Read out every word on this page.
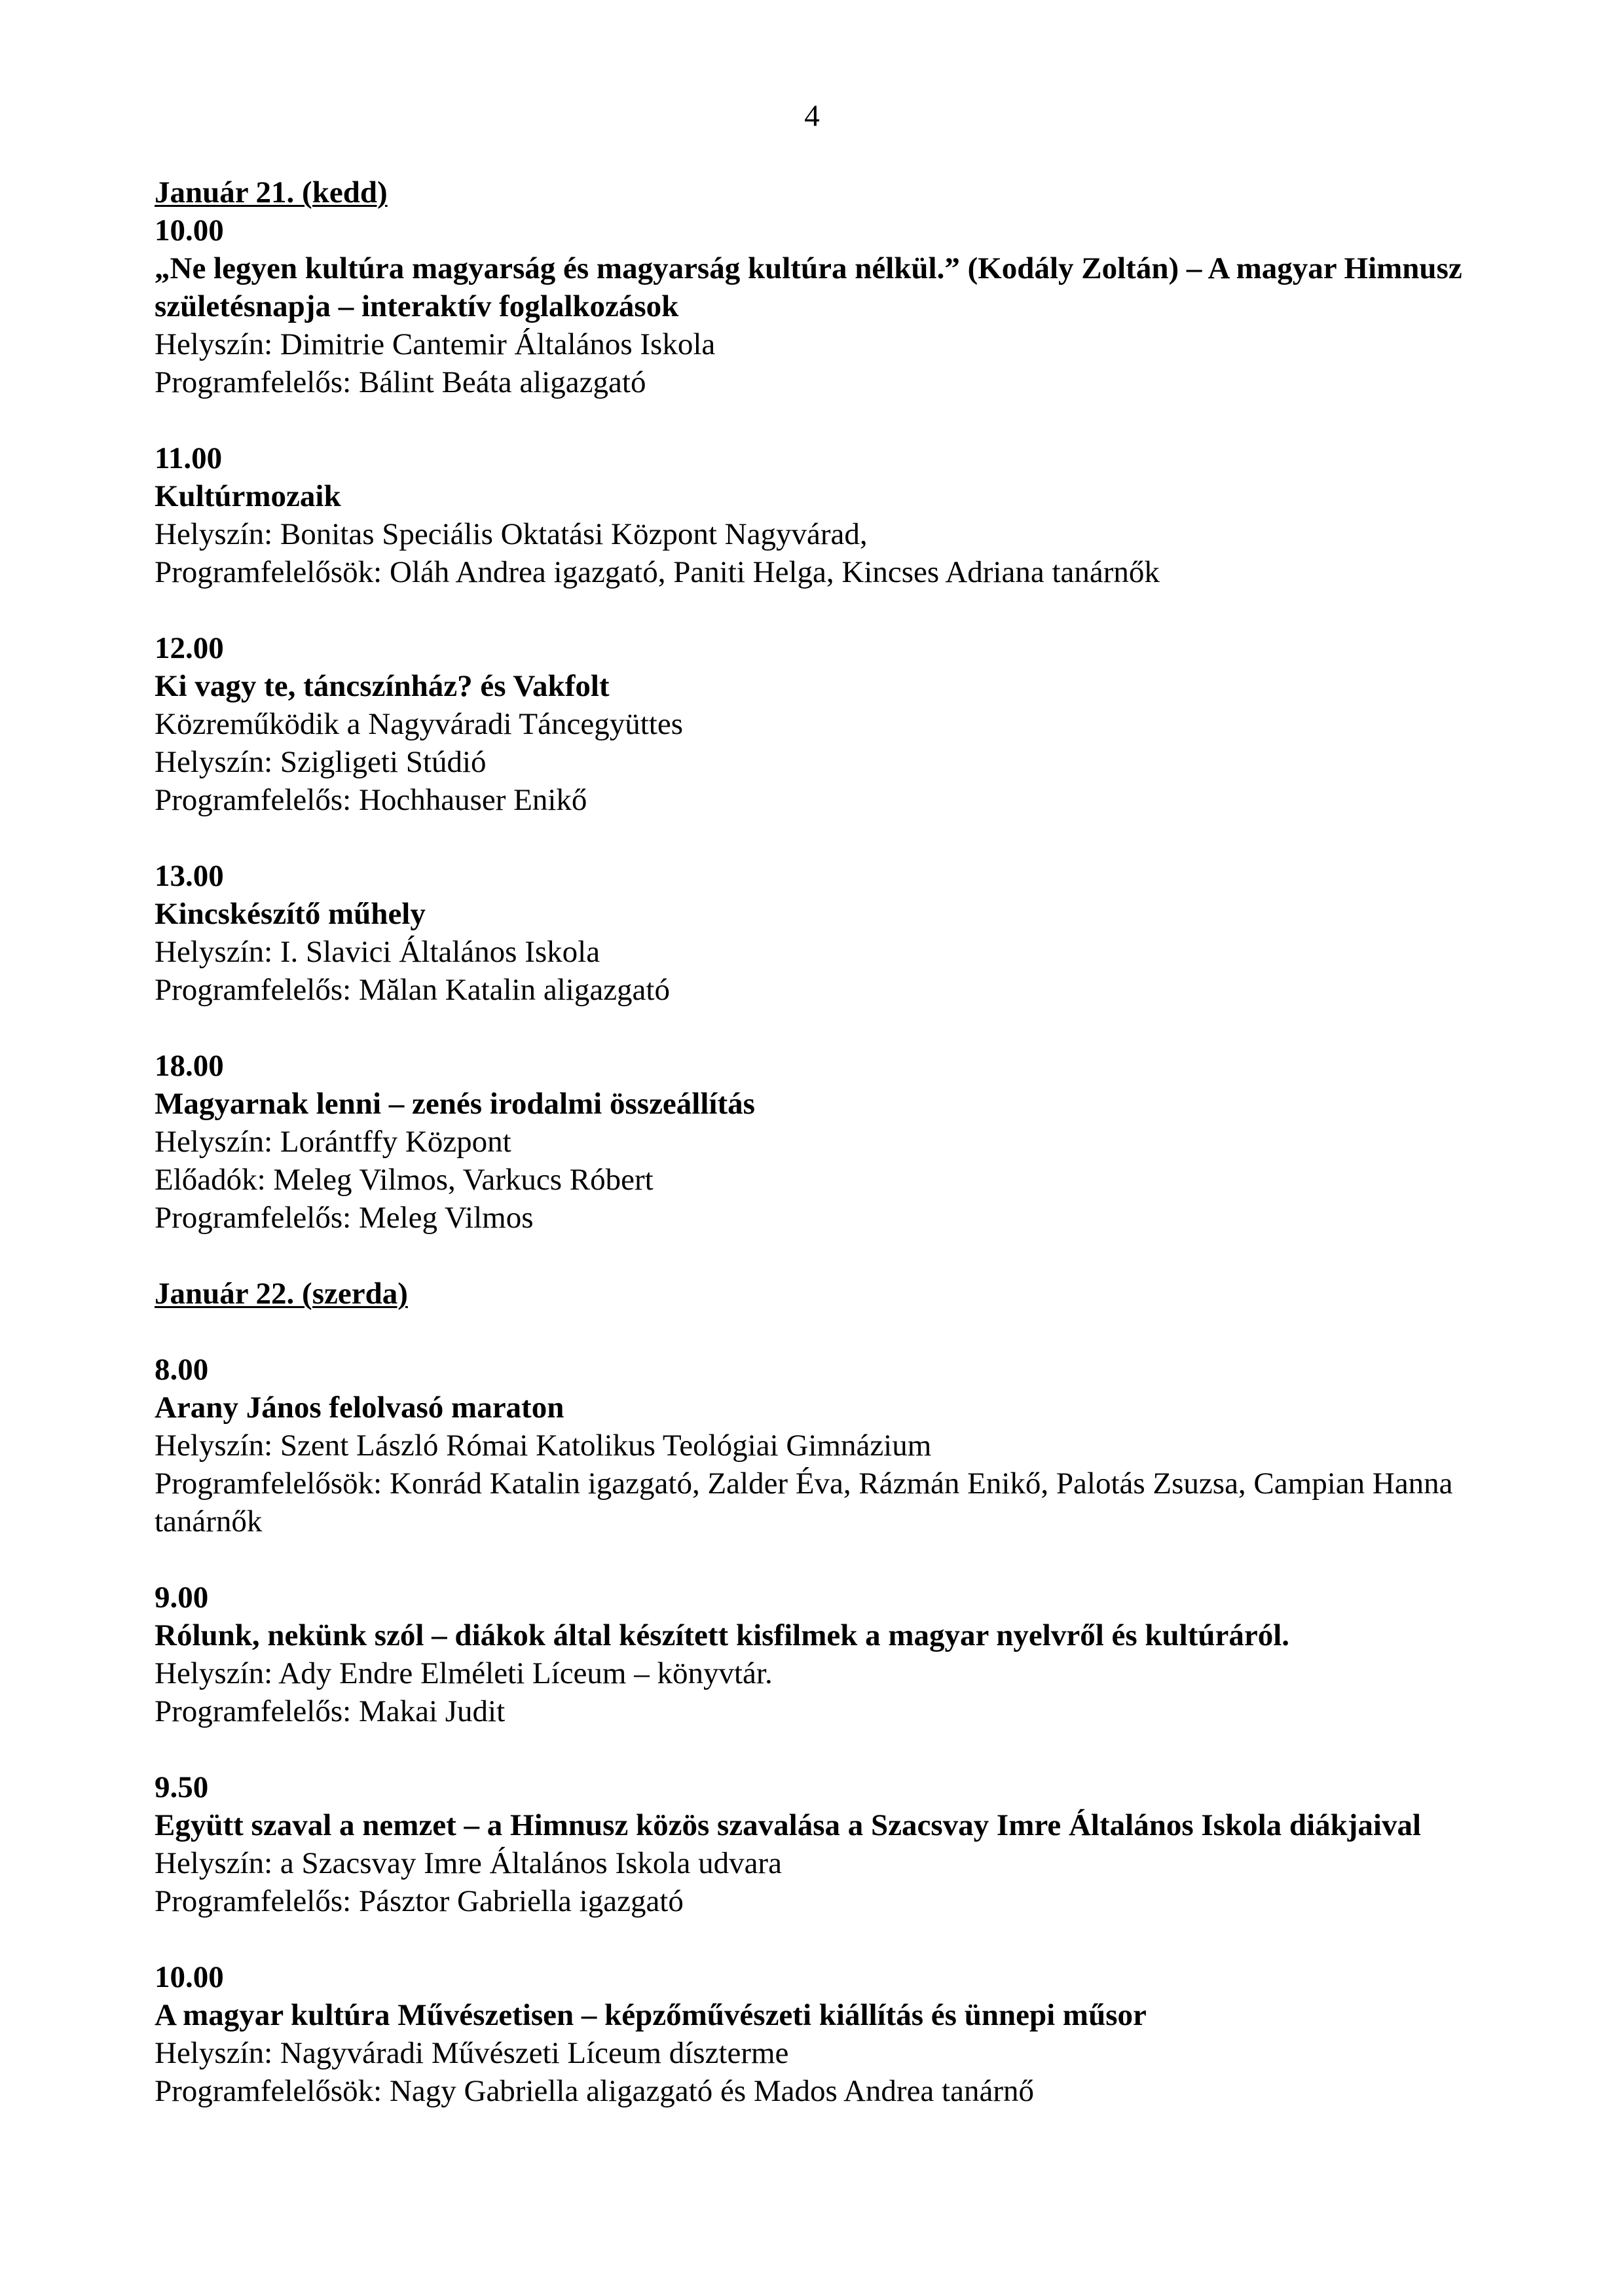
4
Január 21. (kedd)
10.00
„Ne legyen kultúra magyarság és magyarság kultúra nélkül.” (Kodály Zoltán) – A magyar Himnusz születésnapja – interaktív foglalkozások
Helyszín: Dimitrie Cantemir Általános Iskola
Programfelelős: Bálint Beáta aligazgató
11.00
Kultúrmozaik
Helyszín: Bonitas Speciális Oktatási Központ Nagyvárad,
Programfelelősök: Oláh Andrea igazgató, Paniti Helga, Kincses Adriana tanárnők
12.00
Ki vagy te, táncszínház? és Vakfolt
Közreműködik a Nagyváradi Táncegyüttes
Helyszín: Szigligeti Stúdió
Programfelelős: Hochhauser Enikő
13.00
Kincskészítő műhely
Helyszín: I. Slavici Általános Iskola
Programfelelős: Mălan Katalin aligazgató
18.00
Magyarnak lenni – zenés irodalmi összeállítás
Helyszín: Lorántffy Központ
Előadók: Meleg Vilmos, Varkucs Róbert
Programfelelős: Meleg Vilmos
Január 22. (szerda)
8.00
Arany János felolvasó maraton
Helyszín: Szent László Római Katolikus Teológiai Gimnázium
Programfelelősök: Konrád Katalin igazgató, Zalder Éva, Rázmán Enikő, Palotás Zsuzsa, Campian Hanna tanárnők
9.00
Rólunk, nekünk szól – diákok által készített kisfilmek a magyar nyelvről és kultúráról.
Helyszín: Ady Endre Elméleti Líceum – könyvtár.
Programfelelős: Makai Judit
9.50
Együtt szaval a nemzet – a Himnusz közös szavalása a Szacsvay Imre Általános Iskola diákjaival
Helyszín: a Szacsvay Imre Általános Iskola udvara
Programfelelős: Pásztor Gabriella igazgató
10.00
A magyar kultúra Művészetisen – képzőművészeti kiállítás és ünnepi műsor
Helyszín: Nagyváradi Művészeti Líceum díszterme
Programfelelősök: Nagy Gabriella aligazgató és Mados Andrea tanárnő
